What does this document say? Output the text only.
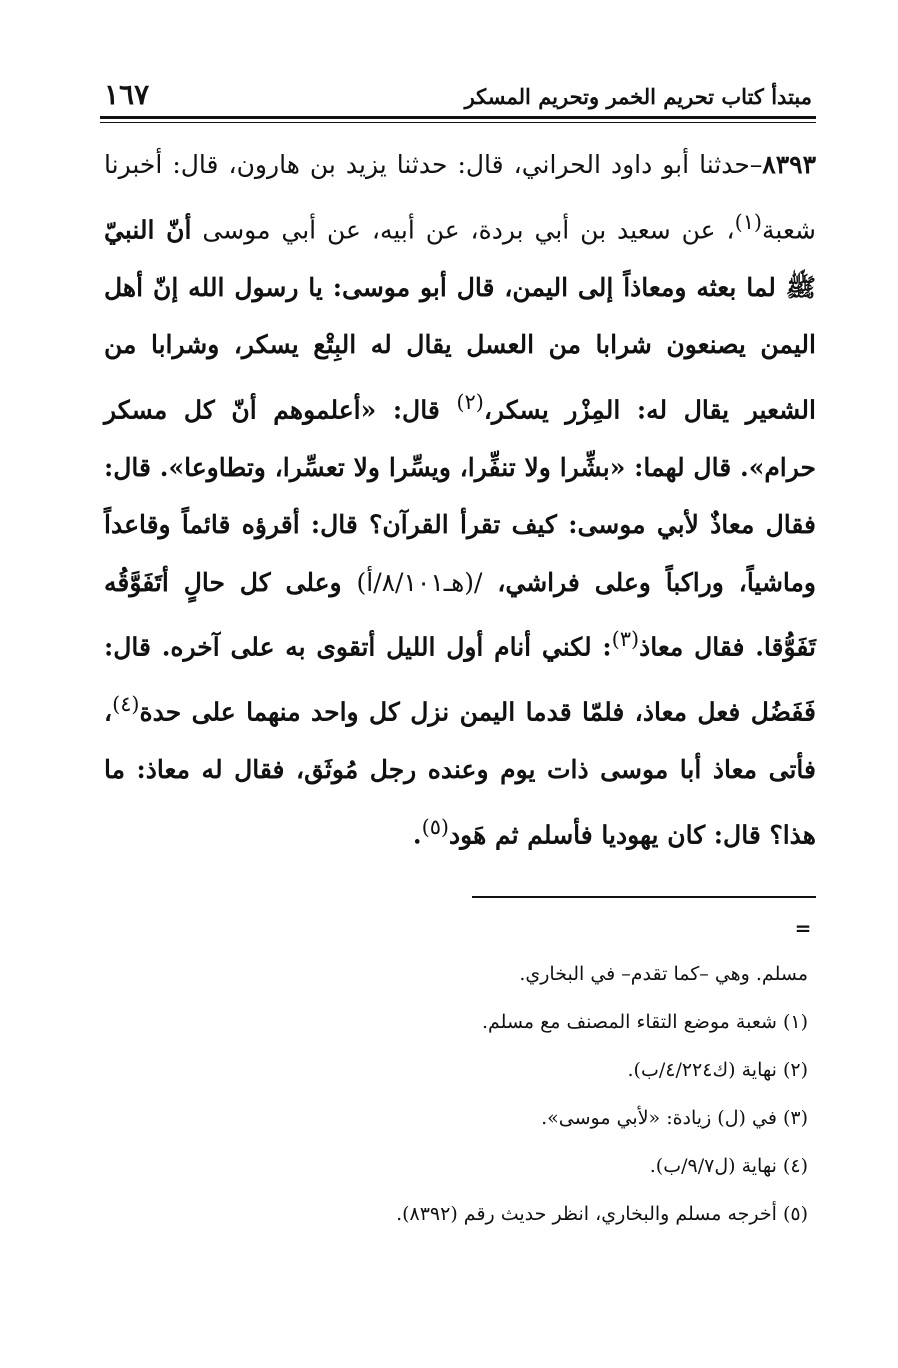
مبتدأ كتاب تحريم الخمر وتحريم المسكر
١٦٧

٨٣٩٣–حدثنا أبو داود الحراني، قال: حدثنا يزيد بن هارون، قال: أخبرنا شعبة$^{(١)}$، عن سعيد بن أبي بردة، عن أبيه، عن أبي موسى أنّ النبيّ ﷺ لما بعثه ومعاذاً إلى اليمن، قال أبو موسى: يا رسول الله إنّ أهل اليمن يصنعون شرابا من العسل يقال له البِتْع يسكر، وشرابا من الشعير يقال له: المِزْر يسكر،$^{(٢)}$ قال: «أعلموهم أنّ كل مسكر حرام». قال لهما: «بشِّرا ولا تنفِّرا، ويسِّرا ولا تعسِّرا، وتطاوعا». قال: فقال معاذٌ لأبي موسى: كيف تقرأ القرآن؟ قال: أقرؤه قائماً وقاعداً وماشياً، وراكباً وعلى فراشي، /(هـ٨/١٠١/أ) وعلى كل حالٍ أتَفَوَّقُه تَفَوُّقا. فقال معاذ$^{(٣)}$: لكني أنام أول الليل أتقوى به على آخره. قال: فَفَضُل فعل معاذ، فلمّا قدما اليمن نزل كل واحد منهما على حدة$^{(٤)}$، فأتى معاذ أبا موسى ذات يوم وعنده رجل مُوثَق، فقال له معاذ: ما هذا؟ قال: كان يهوديا فأسلم ثم هَود$^{(٥)}$.

=
مسلم. وهي –كما تقدم– في البخاري.
(١) شعبة موضع التقاء المصنف مع مسلم.
(٢) نهاية (ك٤/٢٢٤/ب).
(٣) في (ل) زيادة: «لأبي موسى».
(٤) نهاية (ل٩/٧/ب).
(٥) أخرجه مسلم والبخاري، انظر حديث رقم (٨٣٩٢).
